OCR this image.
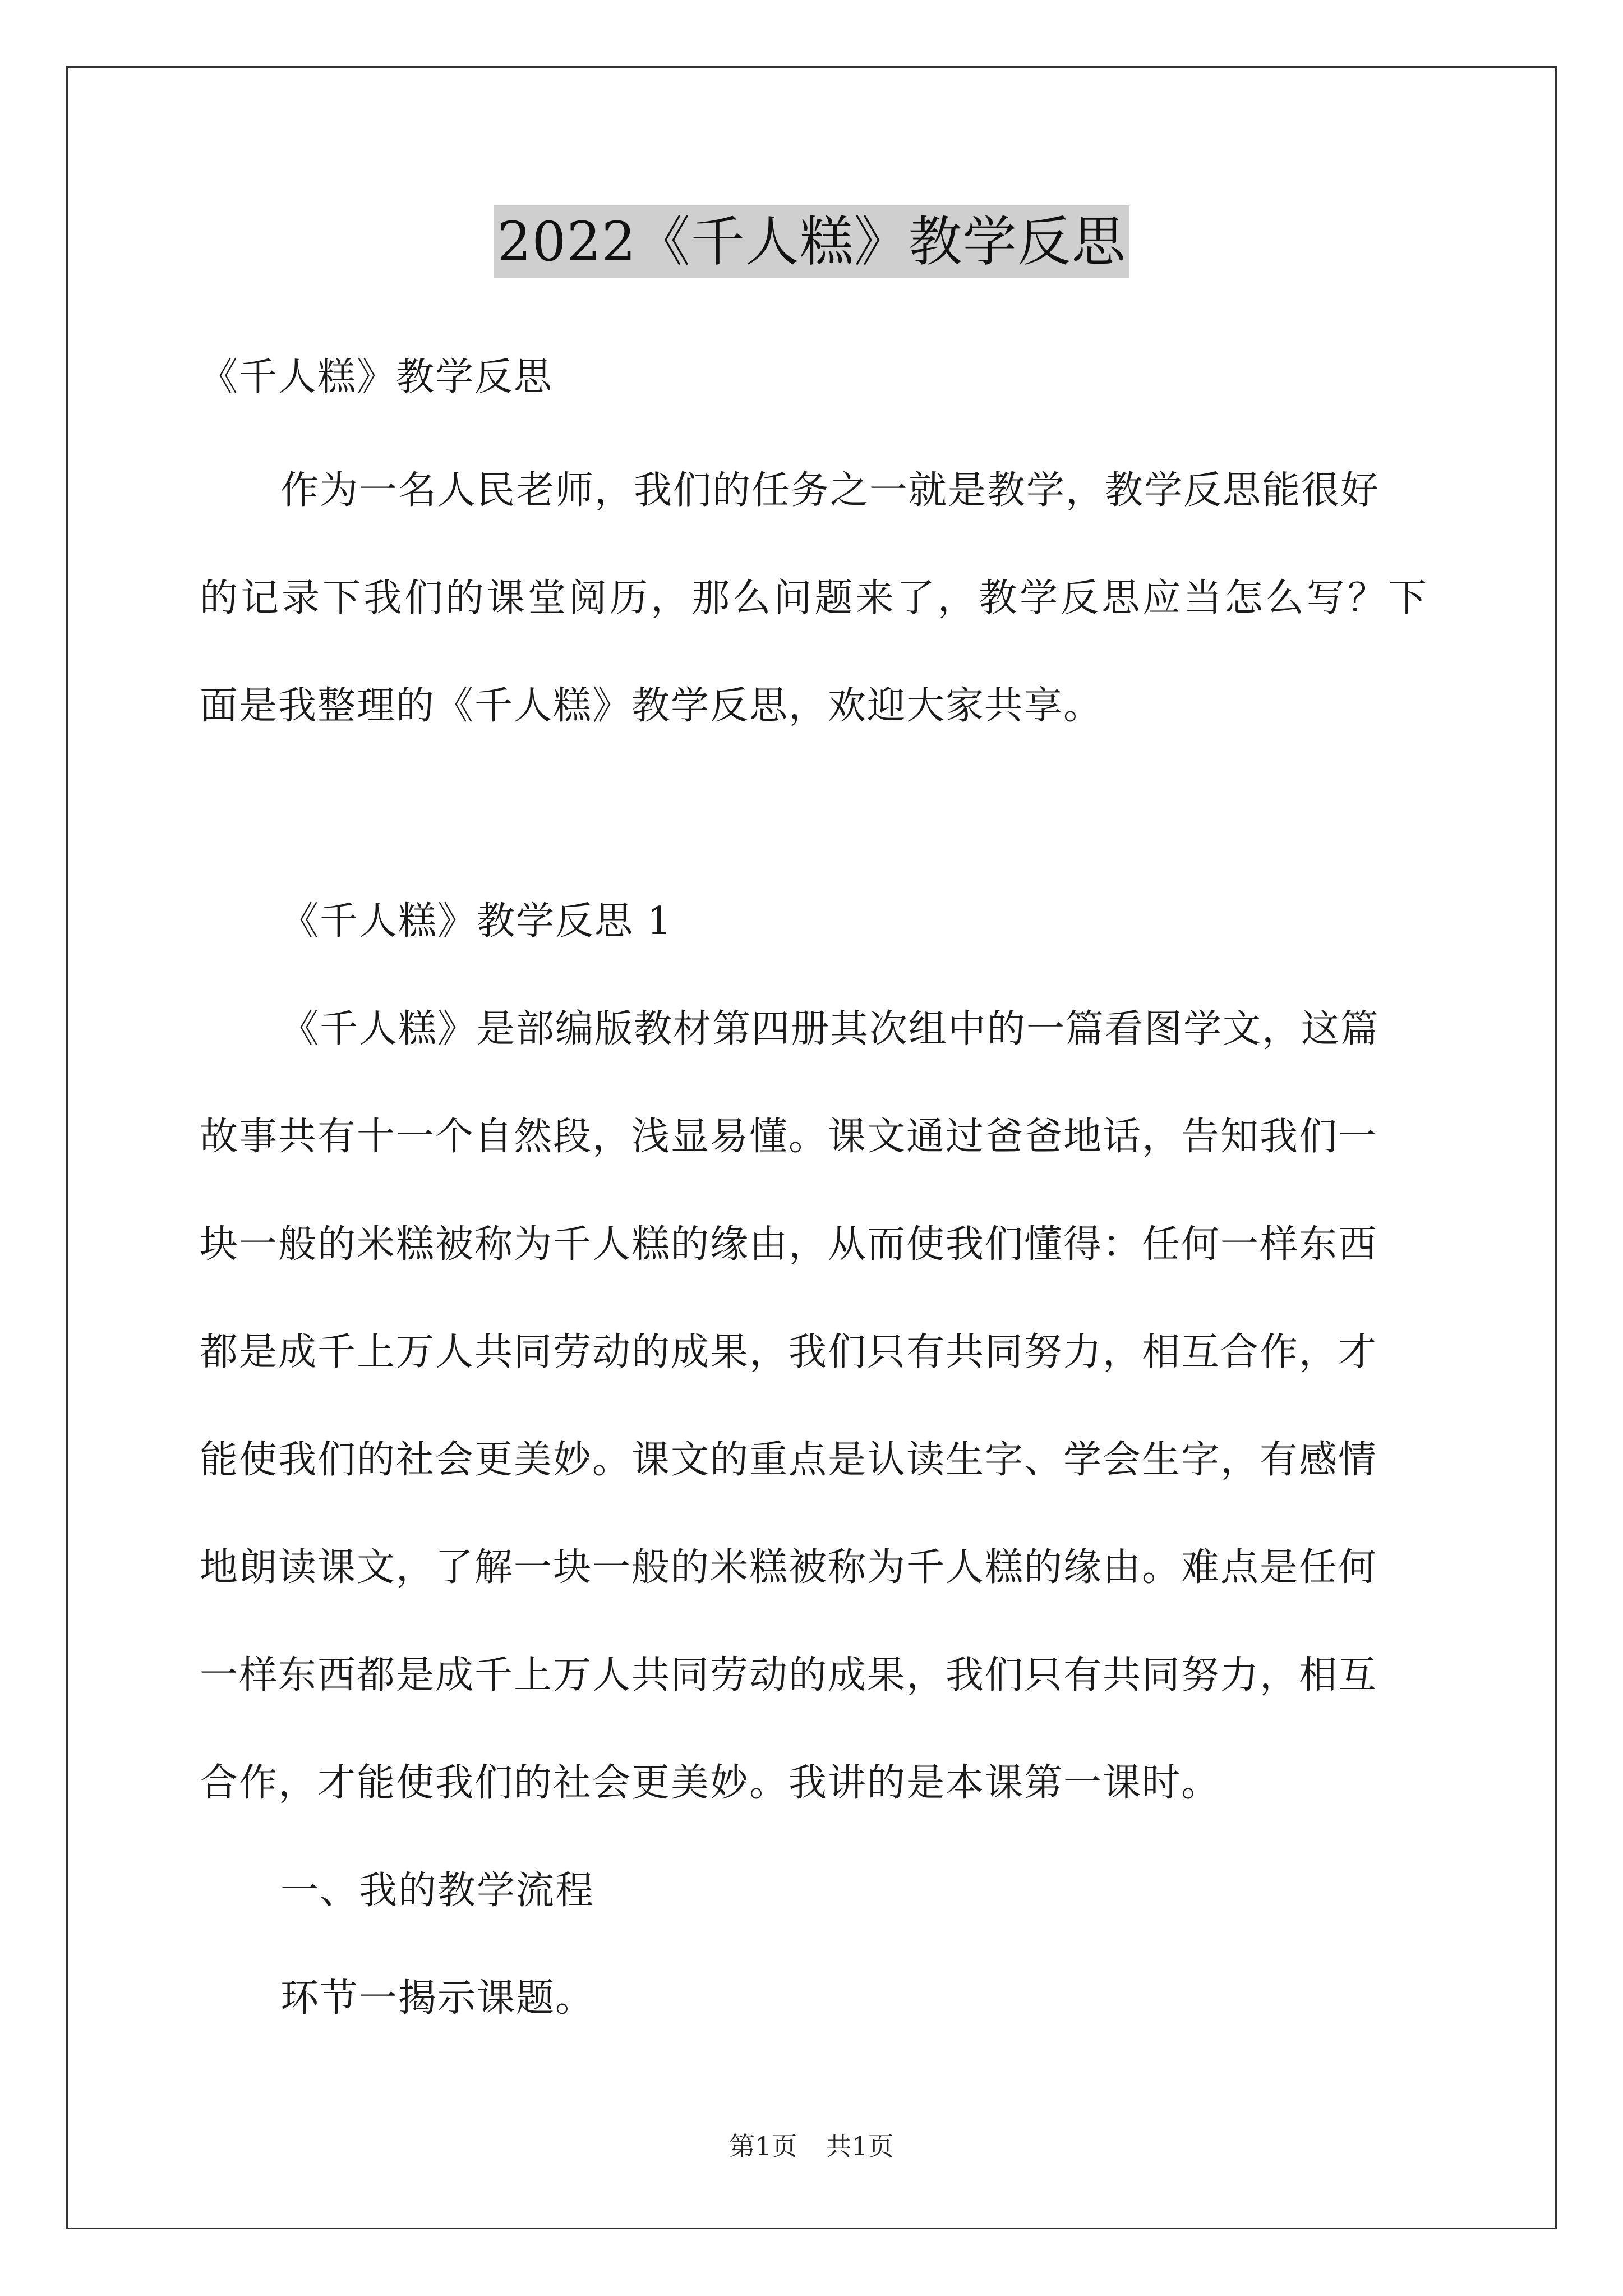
2022《千人糕》教学反思
《千人糕》教学反思
作为一名人民老师，我们的任务之一就是教学，教学反思能很好
的记录下我们的课堂阅历，那么问题来了，教学反思应当怎么写？下
面是我整理的《千人糕》教学反思，欢迎大家共享。
《千人糕》教学反思 1
《千人糕》是部编版教材第四册其次组中的一篇看图学文，这篇
故事共有十一个自然段，浅显易懂。课文通过爸爸地话，告知我们一
块一般的米糕被称为千人糕的缘由，从而使我们懂得：任何一样东西
都是成千上万人共同劳动的成果，我们只有共同努力，相互合作，才
能使我们的社会更美妙。课文的重点是认读生字、学会生字，有感情
地朗读课文，了解一块一般的米糕被称为千人糕的缘由。难点是任何
一样东西都是成千上万人共同劳动的成果，我们只有共同努力，相互
合作，才能使我们的社会更美妙。我讲的是本课第一课时。
一、我的教学流程
环节一揭示课题。
第1页 共1页
